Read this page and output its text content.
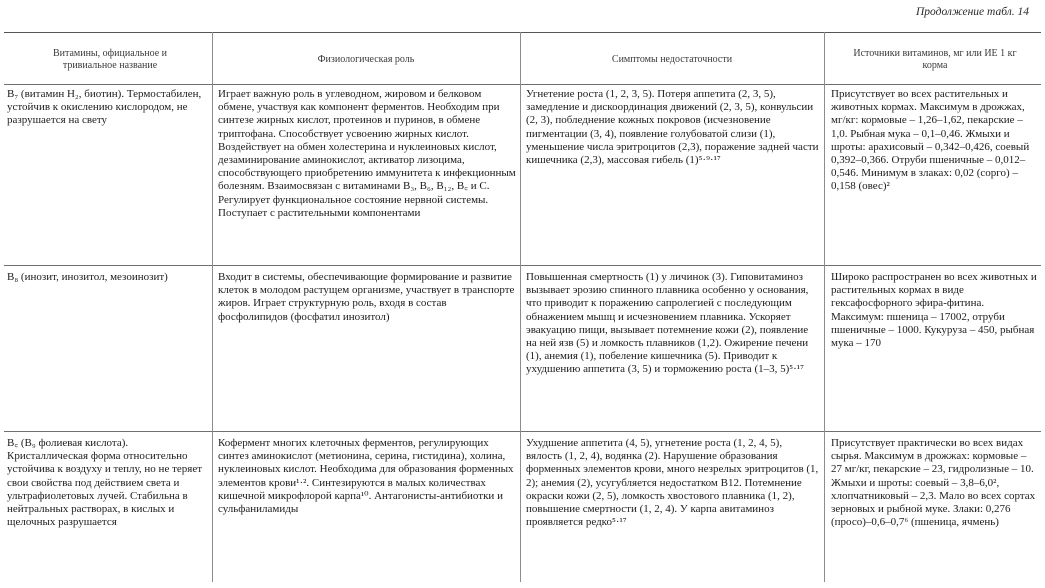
Продолжение табл. 14
Витамины, официальное и тривиальное название
Физиологическая роль	Симптомы недостаточности
Источники витаминов, мг или ИЕ 1 кг корма
B₇ (витамин H₂, биотин). Термостабилен, устойчив к окислению кислородом, не разрушается на свету
Играет важную роль в углеводном, жировом и белковом обмене, участвуя как компонент ферментов. Необходим при синтезе жирных кислот, протеинов и пуринов, в обмене триптофана. Способствует усвоению жирных кислот. Воздействует на обмен холестерина и нуклеиновых кислот, дезаминирование аминокислот, активатор лизоцима, способствующего приобретению иммунитета к инфекционным болезням. Взаимосвязан с витаминами B₃, B₆, B₁₂, B꜀ и С. Регулирует функциональное состояние нервной системы. Поступает с растительными компонентами
Угнетение роста (1, 2, 3, 5). Потеря аппетита (2, 3, 5), замедление и дискоординация движений (2, 3, 5), конвульсии (2, 3), побледнение кожных покровов (исчезновение пигментации (3, 4), появление голубоватой слизи (1), уменьшение числа эритроцитов (2,3), поражение задней части кишечника (2,3), массовая гибель (1)⁵·⁹·¹⁷
Присутствует во всех растительных и животных кормах. Максимум в дрожжах, мг/кг: кормовые – 1,26–1,62, пекарские – 1,0. Рыбная мука – 0,1–0,46. Жмыхи и шроты: арахисовый – 0,342–0,426, соевый 0,392–0,366. Отруби пшеничные – 0,012–0,546. Минимум в злаках: 0,02 (сорго) – 0,158 (овес)²
B₈ (инозит, инозитол, мезоинозит)	Входит в системы, обеспечивающие формирование и развитие клеток в молодом растущем организме, участвует в транспорте жиров. Играет структурную роль, входя в состав фосфолипидов (фосфатил инозитол)
Повышенная смертность (1) у личинок (3). Гиповитаминоз вызывает эрозию спинного плавника особенно у основания, что приводит к поражению сапролегией с последующим обнажением мышц и исчезновением плавника. Ускоряет эвакуацию пищи, вызывает потемнение кожи (2), появление на ней язв (5) и ломкость плавников (1,2). Ожирение печени (1), анемия (1), побеление кишечника (5). Приводит к ухудшению аппетита (3, 5) и торможению роста (1–3, 5)⁵·¹⁷
Широко распространен во всех животных и растительных кормах в виде гексафосфорного эфира-фитина. Максимум: пшеница – 17002, отруби пшеничные – 1000. Кукуруза – 450, рыбная мука – 170
B꜀ (B₉ фолиевая кислота). Кристаллическая форма относительно устойчива к воздуху и теплу, но не теряет свои свойства под действием света и ультрафиолетовых лучей. Стабильна в нейтральных растворах, в кислых и щелочных разрушается
Кофермент многих клеточных ферментов, регулирующих синтез аминокислот (метионина, серина, гистидина), холина, нуклеиновых кислот. Необходима для образования форменных элементов крови¹·². Синтезируются в малых количествах кишечной микрофлорой карпа¹⁰. Антагонисты-антибиотки и сульфаниламиды
Ухудшение аппетита (4, 5), угнетение роста (1, 2, 4, 5), вялость (1, 2, 4), водянка (2). Нарушение образования форменных элементов крови, много незрелых эритроцитов (1, 2); анемия (2), усугубляется недостатком B12. Потемнение окраски кожи (2, 5), ломкость хвостового плавника (1, 2), повышение смертности (1, 2, 4). У карпа авитаминоз проявляется редко⁵·¹⁷
Присутствует практически во всех видах сырья. Максимум в дрожжах: кормовые – 27 мг/кг, пекарские – 23, гидролизные – 10. Жмыхи и шроты: соевый – 3,8–6,0², хлопчатниковый – 2,3. Мало во всех сортах зерновых и рыбной муке. Злаки: 0,276 (просо)–0,6–0,7⁶ (пшеница, ячмень)
